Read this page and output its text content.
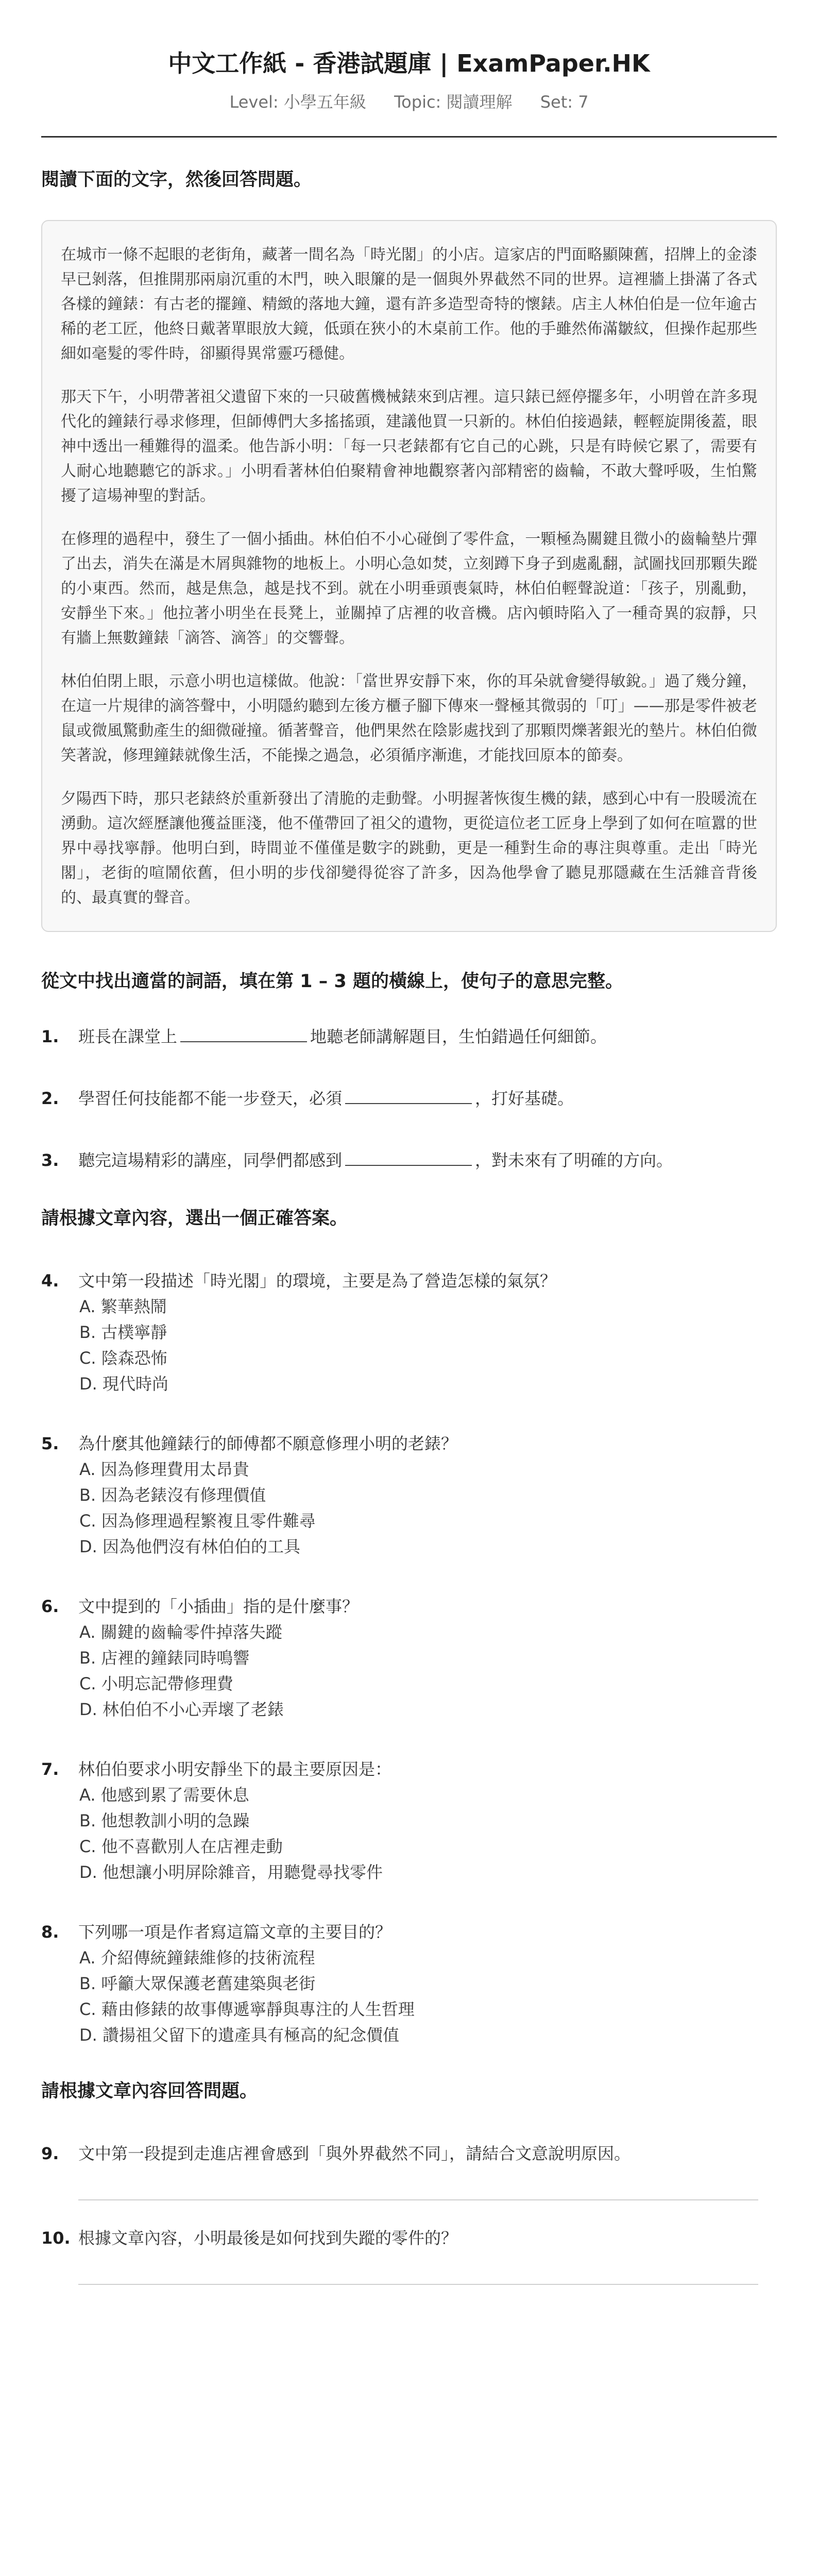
中文工作紙 - 香港試題庫 | ExamPaper.HK
Level: 小學五年級 Topic: 閱讀理解 Set: 7
閱讀下面的文字，然後回答問題。

在城市一條不起眼的老街角，藏著一間名為「時光閣」的小店。這家店的門面略顯陳舊，招牌上的金漆早已剝落，但推開那兩扇沉重的木門，映入眼簾的是一個與外界截然不同的世界。這裡牆上掛滿了各式各樣的鐘錶：有古老的擺鐘、精緻的落地大鐘，還有許多造型奇特的懷錶。店主人林伯伯是一位年逾古稀的老工匠，他終日戴著單眼放大鏡，低頭在狹小的木桌前工作。他的手雖然佈滿皺紋，但操作起那些細如毫髮的零件時，卻顯得異常靈巧穩健。

那天下午，小明帶著祖父遺留下來的一只破舊機械錶來到店裡。這只錶已經停擺多年，小明曾在許多現代化的鐘錶行尋求修理，但師傅們大多搖搖頭，建議他買一只新的。林伯伯接過錶，輕輕旋開後蓋，眼神中透出一種難得的溫柔。他告訴小明：「每一只老錶都有它自己的心跳，只是有時候它累了，需要有人耐心地聽聽它的訴求。」小明看著林伯伯聚精會神地觀察著內部精密的齒輪，不敢大聲呼吸，生怕驚擾了這場神聖的對話。

在修理的過程中，發生了一個小插曲。林伯伯不小心碰倒了零件盒，一顆極為關鍵且微小的齒輪墊片彈了出去，消失在滿是木屑與雜物的地板上。小明心急如焚，立刻蹲下身子到處亂翻，試圖找回那顆失蹤的小東西。然而，越是焦急，越是找不到。就在小明垂頭喪氣時，林伯伯輕聲說道：「孩子，別亂動，安靜坐下來。」他拉著小明坐在長凳上，並關掉了店裡的收音機。店內頓時陷入了一種奇異的寂靜，只有牆上無數鐘錶「滴答、滴答」的交響聲。

林伯伯閉上眼，示意小明也這樣做。他說：「當世界安靜下來，你的耳朵就會變得敏銳。」過了幾分鐘，在這一片規律的滴答聲中，小明隱約聽到左後方櫃子腳下傳來一聲極其微弱的「叮」——那是零件被老鼠或微風驚動產生的細微碰撞。循著聲音，他們果然在陰影處找到了那顆閃爍著銀光的墊片。林伯伯微笑著說，修理鐘錶就像生活，不能操之過急，必須循序漸進，才能找回原本的節奏。

夕陽西下時，那只老錶終於重新發出了清脆的走動聲。小明握著恢復生機的錶，感到心中有一股暖流在湧動。這次經歷讓他獲益匪淺，他不僅帶回了祖父的遺物，更從這位老工匠身上學到了如何在喧囂的世界中尋找寧靜。他明白到，時間並不僅僅是數字的跳動，更是一種對生命的專注與尊重。走出「時光閣」，老街的喧鬧依舊，但小明的步伐卻變得從容了許多，因為他學會了聽見那隱藏在生活雜音背後的、最真實的聲音。

從文中找出適當的詞語，填在第 1 – 3 題的橫線上，使句子的意思完整。
1. 班長在課堂上	地聽老師講解題目，生怕錯過任何細節。
2. 學習任何技能都不能一步登天，必須	，打好基礎。
3. 聽完這場精彩的講座，同學們都感到	，對未來有了明確的方向。
請根據文章內容，選出一個正確答案。
4. 文中第一段描述「時光閣」的環境，主要是為了營造怎樣的氣氛？
A. 繁華熱鬧
B. 古樸寧靜
C. 陰森恐怖
D. 現代時尚
5. 為什麼其他鐘錶行的師傅都不願意修理小明的老錶？
A. 因為修理費用太昂貴
B. 因為老錶沒有修理價值
C. 因為修理過程繁複且零件難尋
D. 因為他們沒有林伯伯的工具
6. 文中提到的「小插曲」指的是什麼事？
A. 關鍵的齒輪零件掉落失蹤
B. 店裡的鐘錶同時鳴響
C. 小明忘記帶修理費
D. 林伯伯不小心弄壞了老錶
7. 林伯伯要求小明安靜坐下的最主要原因是：
A. 他感到累了需要休息
B. 他想教訓小明的急躁
C. 他不喜歡別人在店裡走動
D. 他想讓小明屏除雜音，用聽覺尋找零件
8. 下列哪一項是作者寫這篇文章的主要目的？
A. 介紹傳統鐘錶維修的技術流程
B. 呼籲大眾保護老舊建築與老街
C. 藉由修錶的故事傳遞寧靜與專注的人生哲理
D. 讚揚祖父留下的遺產具有極高的紀念價值
請根據文章內容回答問題。
9. 文中第一段提到走進店裡會感到「與外界截然不同」，請結合文意說明原因。
10. 根據文章內容，小明最後是如何找到失蹤的零件的？
